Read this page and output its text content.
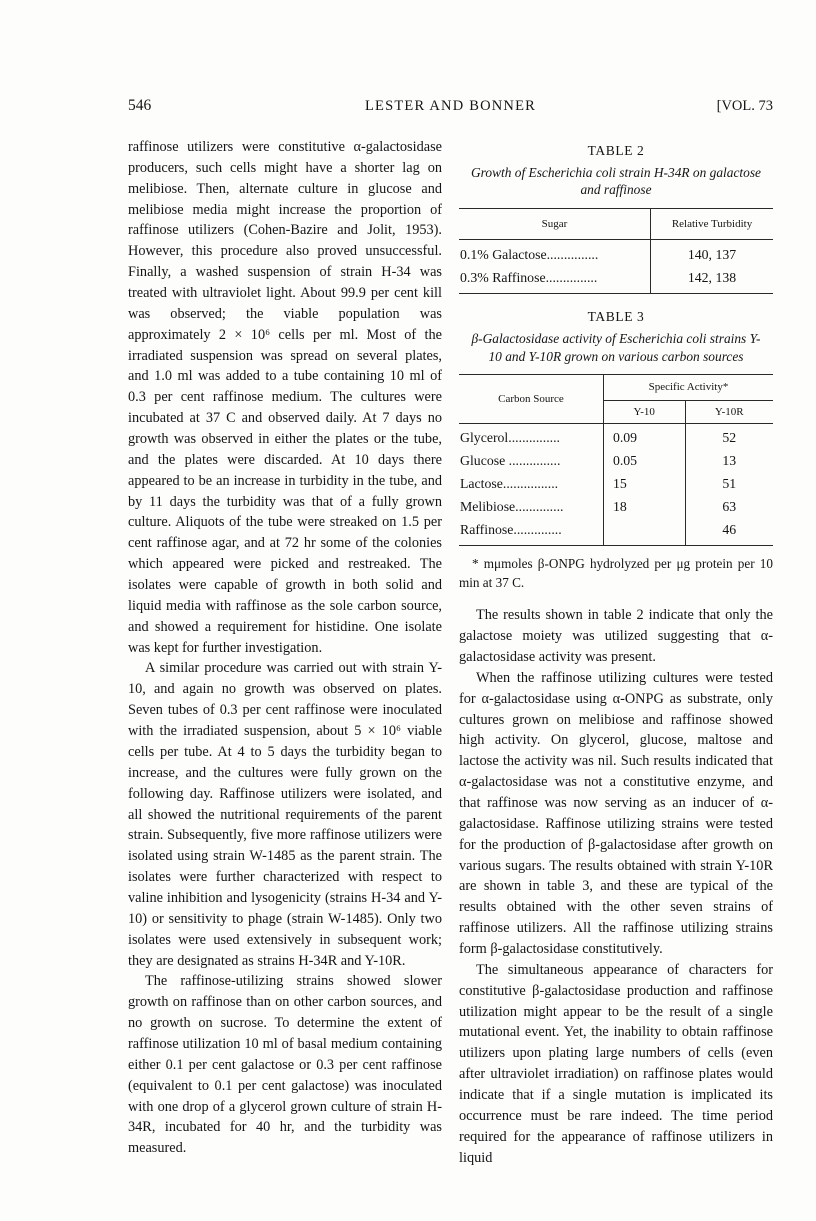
546	LESTER AND BONNER	[VOL. 73

raffinose utilizers were constitutive α-galactosidase producers, such cells might have a shorter lag on melibiose. Then, alternate culture in glucose and melibiose media might increase the proportion of raffinose utilizers (Cohen-Bazire and Jolit, 1953). However, this procedure also proved unsuccessful. Finally, a washed suspension of strain H-34 was treated with ultraviolet light. About 99.9 per cent kill was observed; the viable population was approximately 2 × 10⁶ cells per ml. Most of the irradiated suspension was spread on several plates, and 1.0 ml was added to a tube containing 10 ml of 0.3 per cent raffinose medium. The cultures were incubated at 37 C and observed daily. At 7 days no growth was observed in either the plates or the tube, and the plates were discarded. At 10 days there appeared to be an increase in turbidity in the tube, and by 11 days the turbidity was that of a fully grown culture. Aliquots of the tube were streaked on 1.5 per cent raffinose agar, and at 72 hr some of the colonies which appeared were picked and restreaked. The isolates were capable of growth in both solid and liquid media with raffinose as the sole carbon source, and showed a requirement for histidine. One isolate was kept for further investigation.

A similar procedure was carried out with strain Y-10, and again no growth was observed on plates. Seven tubes of 0.3 per cent raffinose were inoculated with the irradiated suspension, about 5 × 10⁶ viable cells per tube. At 4 to 5 days the turbidity began to increase, and the cultures were fully grown on the following day. Raffinose utilizers were isolated, and all showed the nutritional requirements of the parent strain. Subsequently, five more raffinose utilizers were isolated using strain W-1485 as the parent strain. The isolates were further characterized with respect to valine inhibition and lysogenicity (strains H-34 and Y-10) or sensitivity to phage (strain W-1485). Only two isolates were used extensively in subsequent work; they are designated as strains H-34R and Y-10R.

The raffinose-utilizing strains showed slower growth on raffinose than on other carbon sources, and no growth on sucrose. To determine the extent of raffinose utilization 10 ml of basal medium containing either 0.1 per cent galactose or 0.3 per cent raffinose (equivalent to 0.1 per cent galactose) was inoculated with one drop of a glycerol grown culture of strain H-34R, incubated for 40 hr, and the turbidity was measured.

TABLE 2
Growth of Escherichia coli strain H-34R on galactose and raffinose
Sugar	Relative Turbidity
0.1% Galactose...............	140, 137
0.3% Raffinose...............	142, 138
TABLE 3
β-Galactosidase activity of Escherichia coli strains Y-10 and Y-10R grown on various carbon sources
Carbon Source	Specific Activity*	
	Y-10	Y-10R
Glycerol...............	0.09	52
Glucose ...............	0.05	13
Lactose................	15	51
Melibiose..............	18	63
Raffinose..............		46
* mμmoles β-ONPG hydrolyzed per μg protein per 10 min at 37 C.

The results shown in table 2 indicate that only the galactose moiety was utilized suggesting that α-galactosidase activity was present.

When the raffinose utilizing cultures were tested for α-galactosidase using α-ONPG as substrate, only cultures grown on melibiose and raffinose showed high activity. On glycerol, glucose, maltose and lactose the activity was nil. Such results indicated that α-galactosidase was not a constitutive enzyme, and that raffinose was now serving as an inducer of α-galactosidase. Raffinose utilizing strains were tested for the production of β-galactosidase after growth on various sugars. The results obtained with strain Y-10R are shown in table 3, and these are typical of the results obtained with the other seven strains of raffinose utilizers. All the raffinose utilizing strains form β-galactosidase constitutively.

The simultaneous appearance of characters for constitutive β-galactosidase production and raffinose utilization might appear to be the result of a single mutational event. Yet, the inability to obtain raffinose utilizers upon plating large numbers of cells (even after ultraviolet irradiation) on raffinose plates would indicate that if a single mutation is implicated its occurrence must be rare indeed. The time period required for the appearance of raffinose utilizers in liquid
